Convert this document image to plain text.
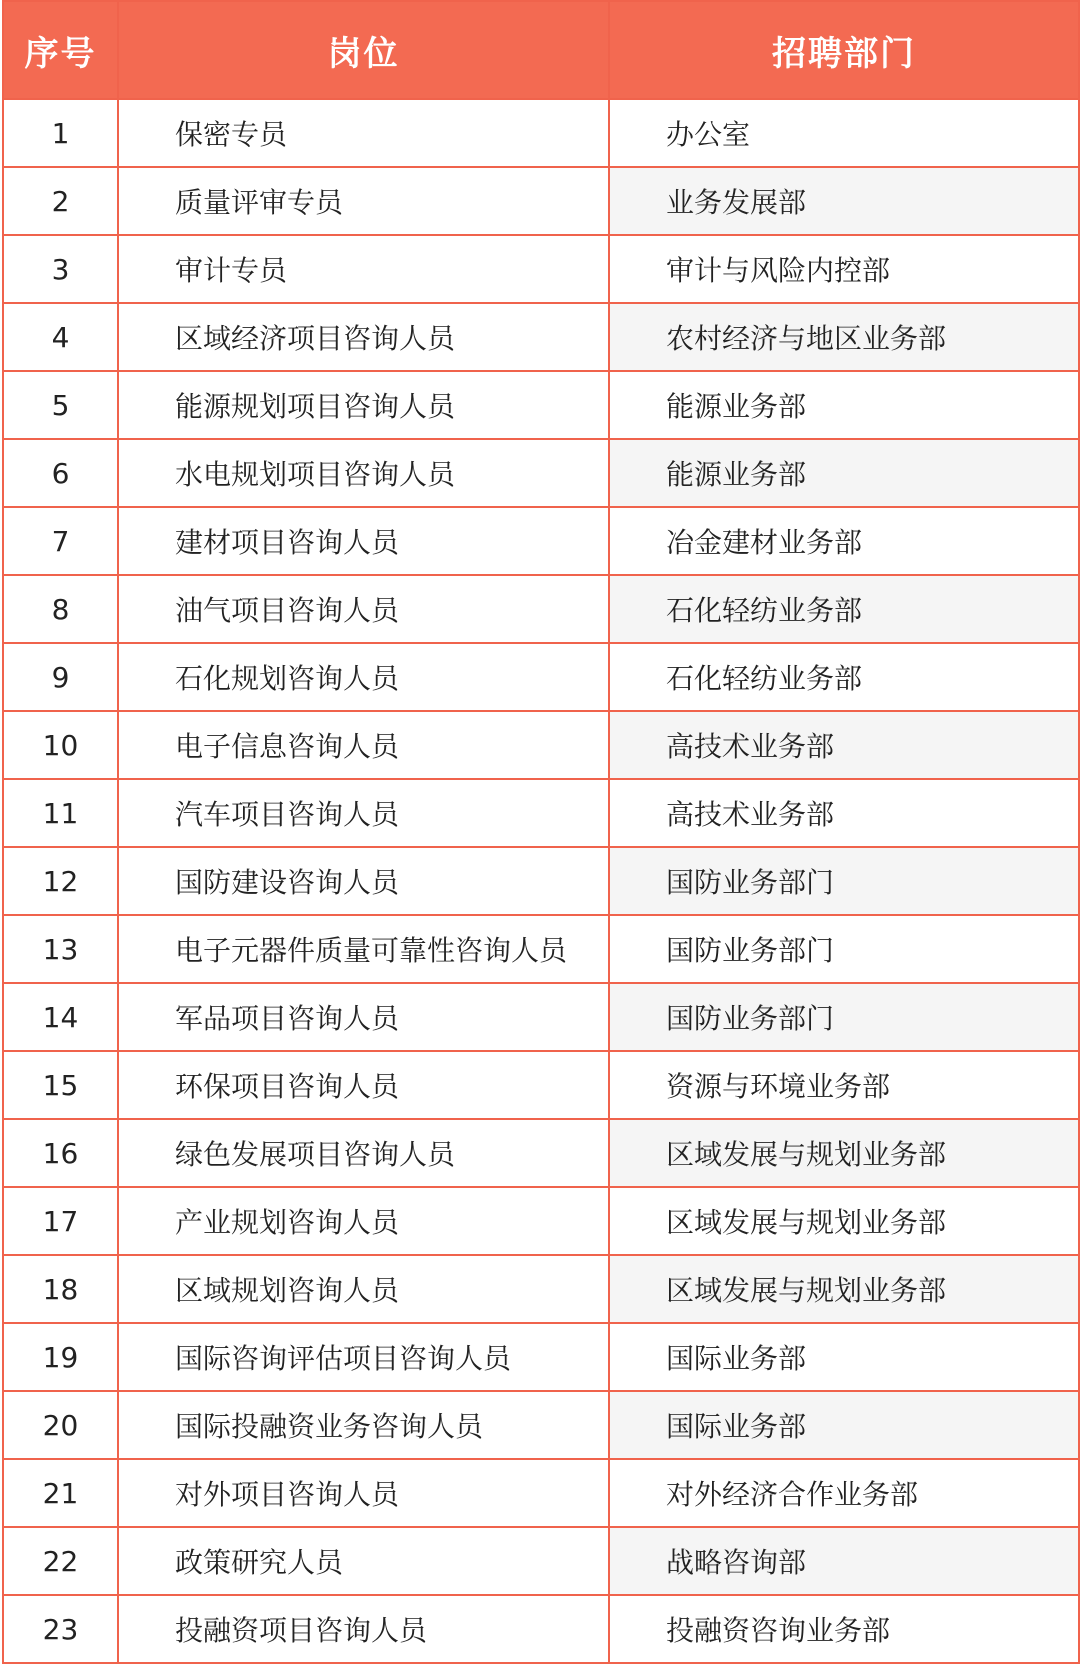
序号	岗位	招聘部门
1	保密专员	办公室
2	质量评审专员	业务发展部
3	审计专员	审计与风险内控部
4	区域经济项目咨询人员	农村经济与地区业务部
5	能源规划项目咨询人员	能源业务部
6	水电规划项目咨询人员	能源业务部
7	建材项目咨询人员	冶金建材业务部
8	油气项目咨询人员	石化轻纺业务部
9	石化规划咨询人员	石化轻纺业务部
10	电子信息咨询人员	高技术业务部
11	汽车项目咨询人员	高技术业务部
12	国防建设咨询人员	国防业务部门
13	电子元器件质量可靠性咨询人员	国防业务部门
14	军品项目咨询人员	国防业务部门
15	环保项目咨询人员	资源与环境业务部
16	绿色发展项目咨询人员	区域发展与规划业务部
17	产业规划咨询人员	区域发展与规划业务部
18	区域规划咨询人员	区域发展与规划业务部
19	国际咨询评估项目咨询人员	国际业务部
20	国际投融资业务咨询人员	国际业务部
21	对外项目咨询人员	对外经济合作业务部
22	政策研究人员	战略咨询部
23	投融资项目咨询人员	投融资咨询业务部
